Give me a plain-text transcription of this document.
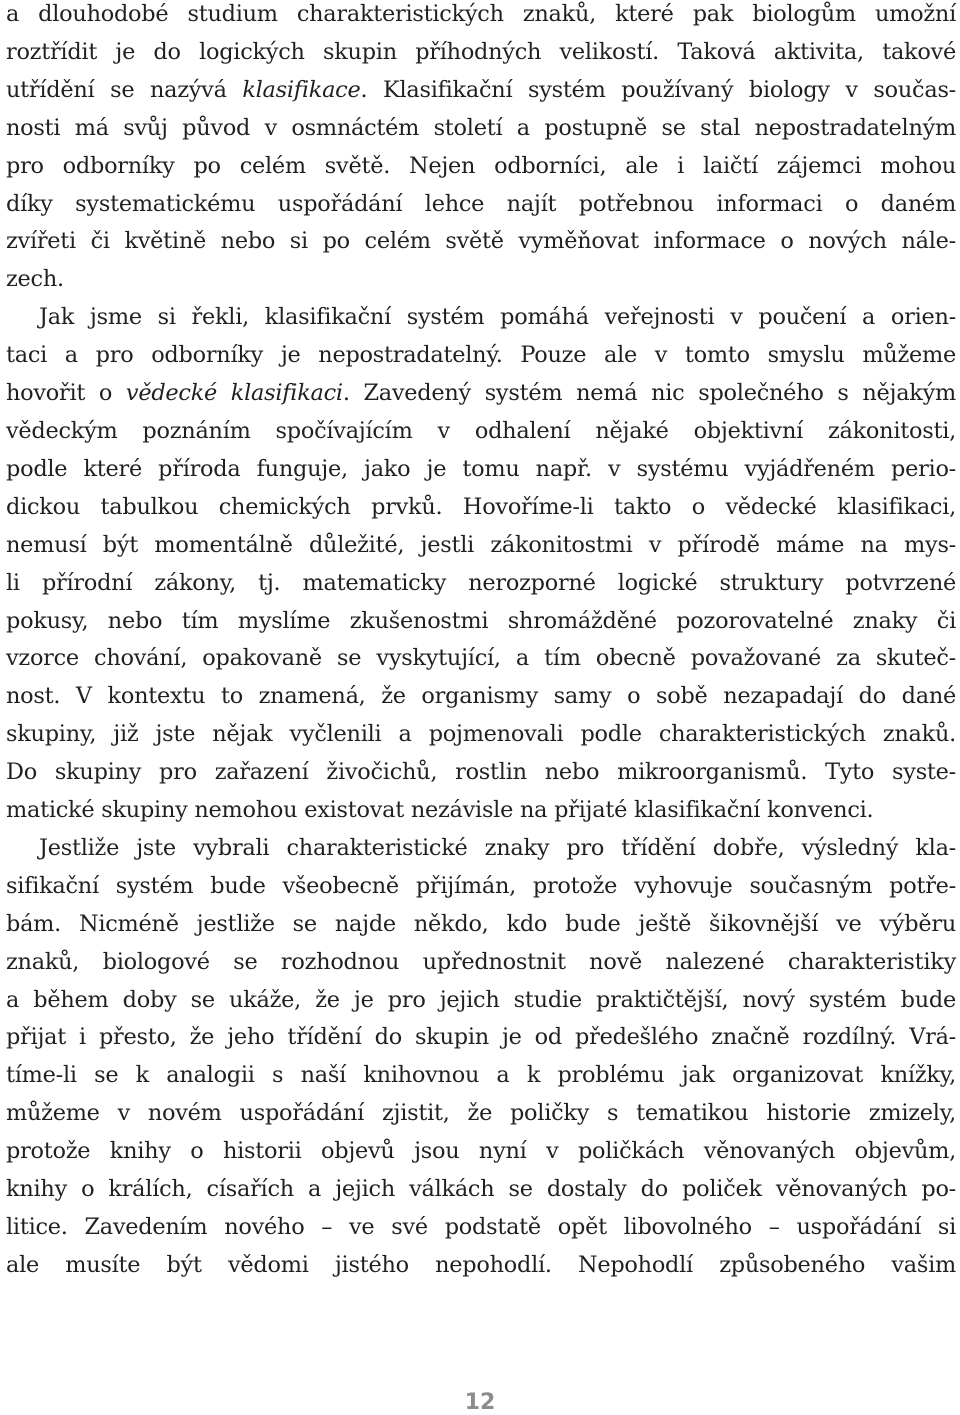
a dlouhodobé studium charakteristických znaků, které pak biologům umožní
roztřídit je do logických skupin příhodných velikostí. Taková aktivita, takové
utřídění se nazývá klasifikace. Klasifikační systém používaný biology v součas-
nosti má svůj původ v osmnáctém století a postupně se stal nepostradatelným
pro odborníky po celém světě. Nejen odborníci, ale i laičtí zájemci mohou
díky systematickému uspořádání lehce najít potřebnou informaci o daném
zvířeti či květině nebo si po celém světě vyměňovat informace o nových nále-
zech.
Jak jsme si řekli, klasifikační systém pomáhá veřejnosti v poučení a orien-
taci a pro odborníky je nepostradatelný. Pouze ale v tomto smyslu můžeme
hovořit o vědecké klasifikaci. Zavedený systém nemá nic společného s nějakým
vědeckým poznáním spočívajícím v odhalení nějaké objektivní zákonitosti,
podle které příroda funguje, jako je tomu např. v systému vyjádřeném perio-
dickou tabulkou chemických prvků. Hovoříme-li takto o vědecké klasifikaci,
nemusí být momentálně důležité, jestli zákonitostmi v přírodě máme na mys-
li přírodní zákony, tj. matematicky nerozporné logické struktury potvrzené
pokusy, nebo tím myslíme zkušenostmi shromážděné pozorovatelné znaky či
vzorce chování, opakovaně se vyskytující, a tím obecně považované za skuteč-
nost. V kontextu to znamená, že organismy samy o sobě nezapadají do dané
skupiny, již jste nějak vyčlenili a pojmenovali podle charakteristických znaků.
Do skupiny pro zařazení živočichů, rostlin nebo mikroorganismů. Tyto syste-
matické skupiny nemohou existovat nezávisle na přijaté klasifikační konvenci.
Jestliže jste vybrali charakteristické znaky pro třídění dobře, výsledný kla-
sifikační systém bude všeobecně přijímán, protože vyhovuje současným potře-
bám. Nicméně jestliže se najde někdo, kdo bude ještě šikovnější ve výběru
znaků, biologové se rozhodnou upřednostnit nově nalezené charakteristiky
a během doby se ukáže, že je pro jejich studie praktičtější, nový systém bude
přijat i přesto, že jeho třídění do skupin je od předešlého značně rozdílný. Vrá-
tíme-li se k analogii s naší knihovnou a k problému jak organizovat knížky,
můžeme v novém uspořádání zjistit, že poličky s tematikou historie zmizely,
protože knihy o historii objevů jsou nyní v poličkách věnovaných objevům,
knihy o králích, císařích a jejich válkách se dostaly do poliček věnovaných po-
litice. Zavedením nového – ve své podstatě opět libovolného – uspořádání si
ale musíte být vědomi jistého nepohodlí. Nepohodlí způsobeného vašim
12
